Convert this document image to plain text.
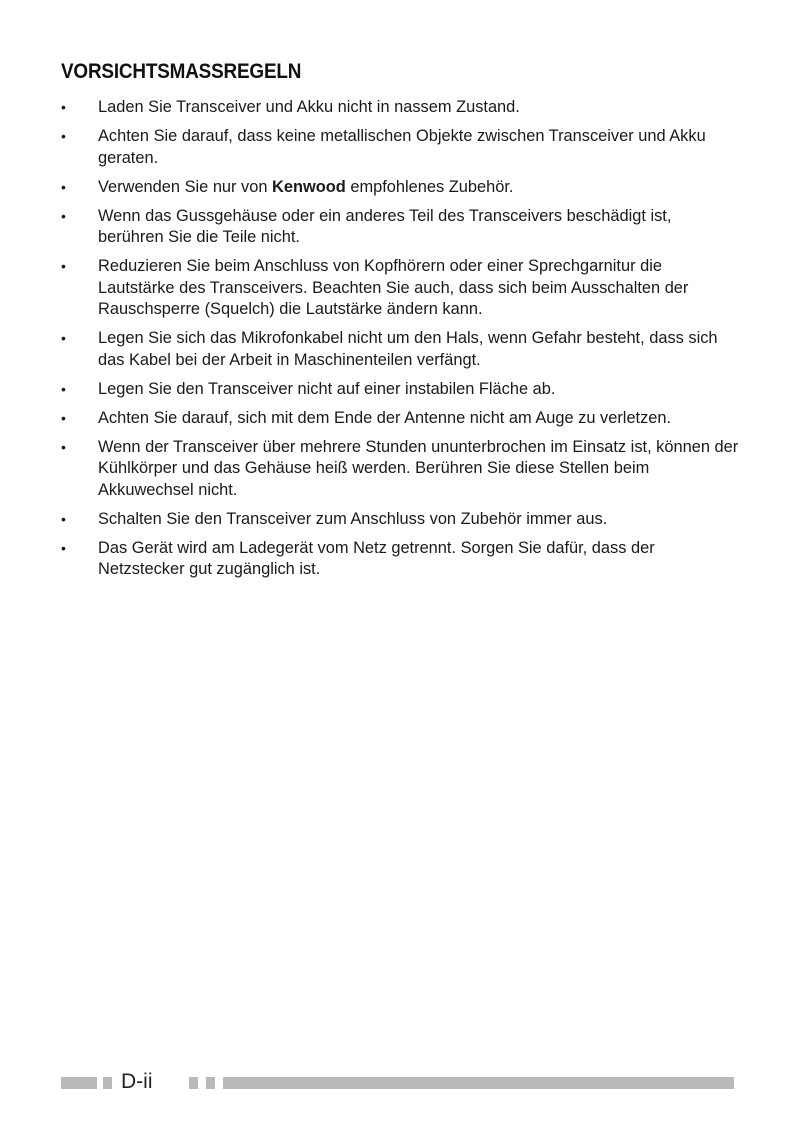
VORSICHTSMASSREGELN
• Laden Sie Transceiver und Akku nicht in nassem Zustand.
• Achten Sie darauf, dass keine metallischen Objekte zwischen Transceiver und Akku geraten.
• Verwenden Sie nur von Kenwood empfohlenes Zubehör.
• Wenn das Gussgehäuse oder ein anderes Teil des Transceivers beschädigt ist, berühren Sie die Teile nicht.
• Reduzieren Sie beim Anschluss von Kopfhörern oder einer Sprechgarnitur die Lautstärke des Transceivers. Beachten Sie auch, dass sich beim Ausschalten der Rauschsperre (Squelch) die Lautstärke ändern kann.
• Legen Sie sich das Mikrofonkabel nicht um den Hals, wenn Gefahr besteht, dass sich das Kabel bei der Arbeit in Maschinenteilen verfängt.
• Legen Sie den Transceiver nicht auf einer instabilen Fläche ab.
• Achten Sie darauf, sich mit dem Ende der Antenne nicht am Auge zu verletzen.
• Wenn der Transceiver über mehrere Stunden ununterbrochen im Einsatz ist, können der Kühlkörper und das Gehäuse heiß werden. Berühren Sie diese Stellen beim Akkuwechsel nicht.
• Schalten Sie den Transceiver zum Anschluss von Zubehör immer aus.
• Das Gerät wird am Ladegerät vom Netz getrennt. Sorgen Sie dafür, dass der Netzstecker gut zugänglich ist.
D-ii
